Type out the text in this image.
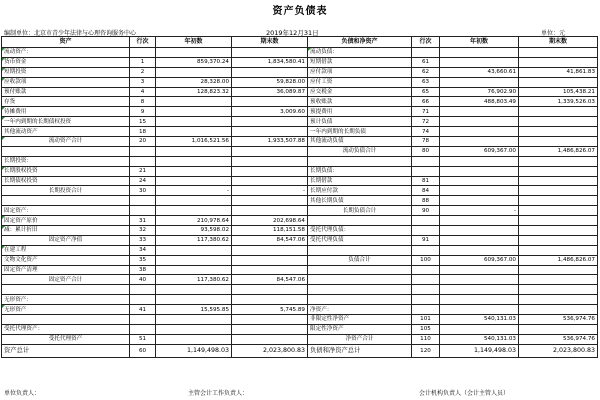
资产负债表
编制单位：北京市青少年法律与心理咨询服务中心	2019年12月31日	单位：元
资产	行次	年初数	期末数	负债和净资产	行次	年初数	期末数
流动资产：				流动负债：			
货币资金	1	859,370.24	1,834,580.41	短期借款	61		
短期投资	2			应付款项	62	43,660.61	41,861.83
应收款项	3	28,328.00	59,828.00	应付工资	63		
预付账款	4	128,823.32	36,089.87	应交税金	65	76,902.90	105,438.21
存货	8			预收账款	66	488,803.49	1,339,526.03
待摊费用	9		3,009.60	预提费用	71		
一年内到期的长期债权投资	15			预计负债	72		
其他流动资产	18			一年内到期的长期负债	74		
流动资产合计	20	1,016,521.56	1,933,507.88	其他流动负债	78		
				流动负债合计	80	609,367.00	1,486,826.07
长期投资：							
长期股权投资	21			长期负债：			
长期债权投资	24			长期借款	81		
长期投资合计	30	-	-	长期应付款	84		
				其他长期负债	88		
固定资产：				长期负债合计	90	-	
固定资产原价	31	210,978.64	202,698.64				
减：累计折旧	32	93,598.02	118,151.58	受托代理负债：			
固定资产净值	33	117,380.62	84,547.06	受托代理负债	91		
在建工程	34						
文物文化资产	35			负债合计	100	609,367.00	1,486,826.07
固定资产清理	38						
固定资产合计	40	117,380.62	84,547.06				

无形资产：							
无形资产	41	15,595.85	5,745.89	净资产：			
				非限定性净资产	101	540,131.03	536,974.76
受托代理资产：				限定性净资产	105		
受托代理资产	51			净资产合计	110	540,131.03	536,974.76
资产总计	60	1,149,498.03	2,023,800.83	负债和净资产总计	120	1,149,498.03	2,023,800.83
单位负责人：	主管会计工作负责人：	会计机构负责人（会计主管人员）
